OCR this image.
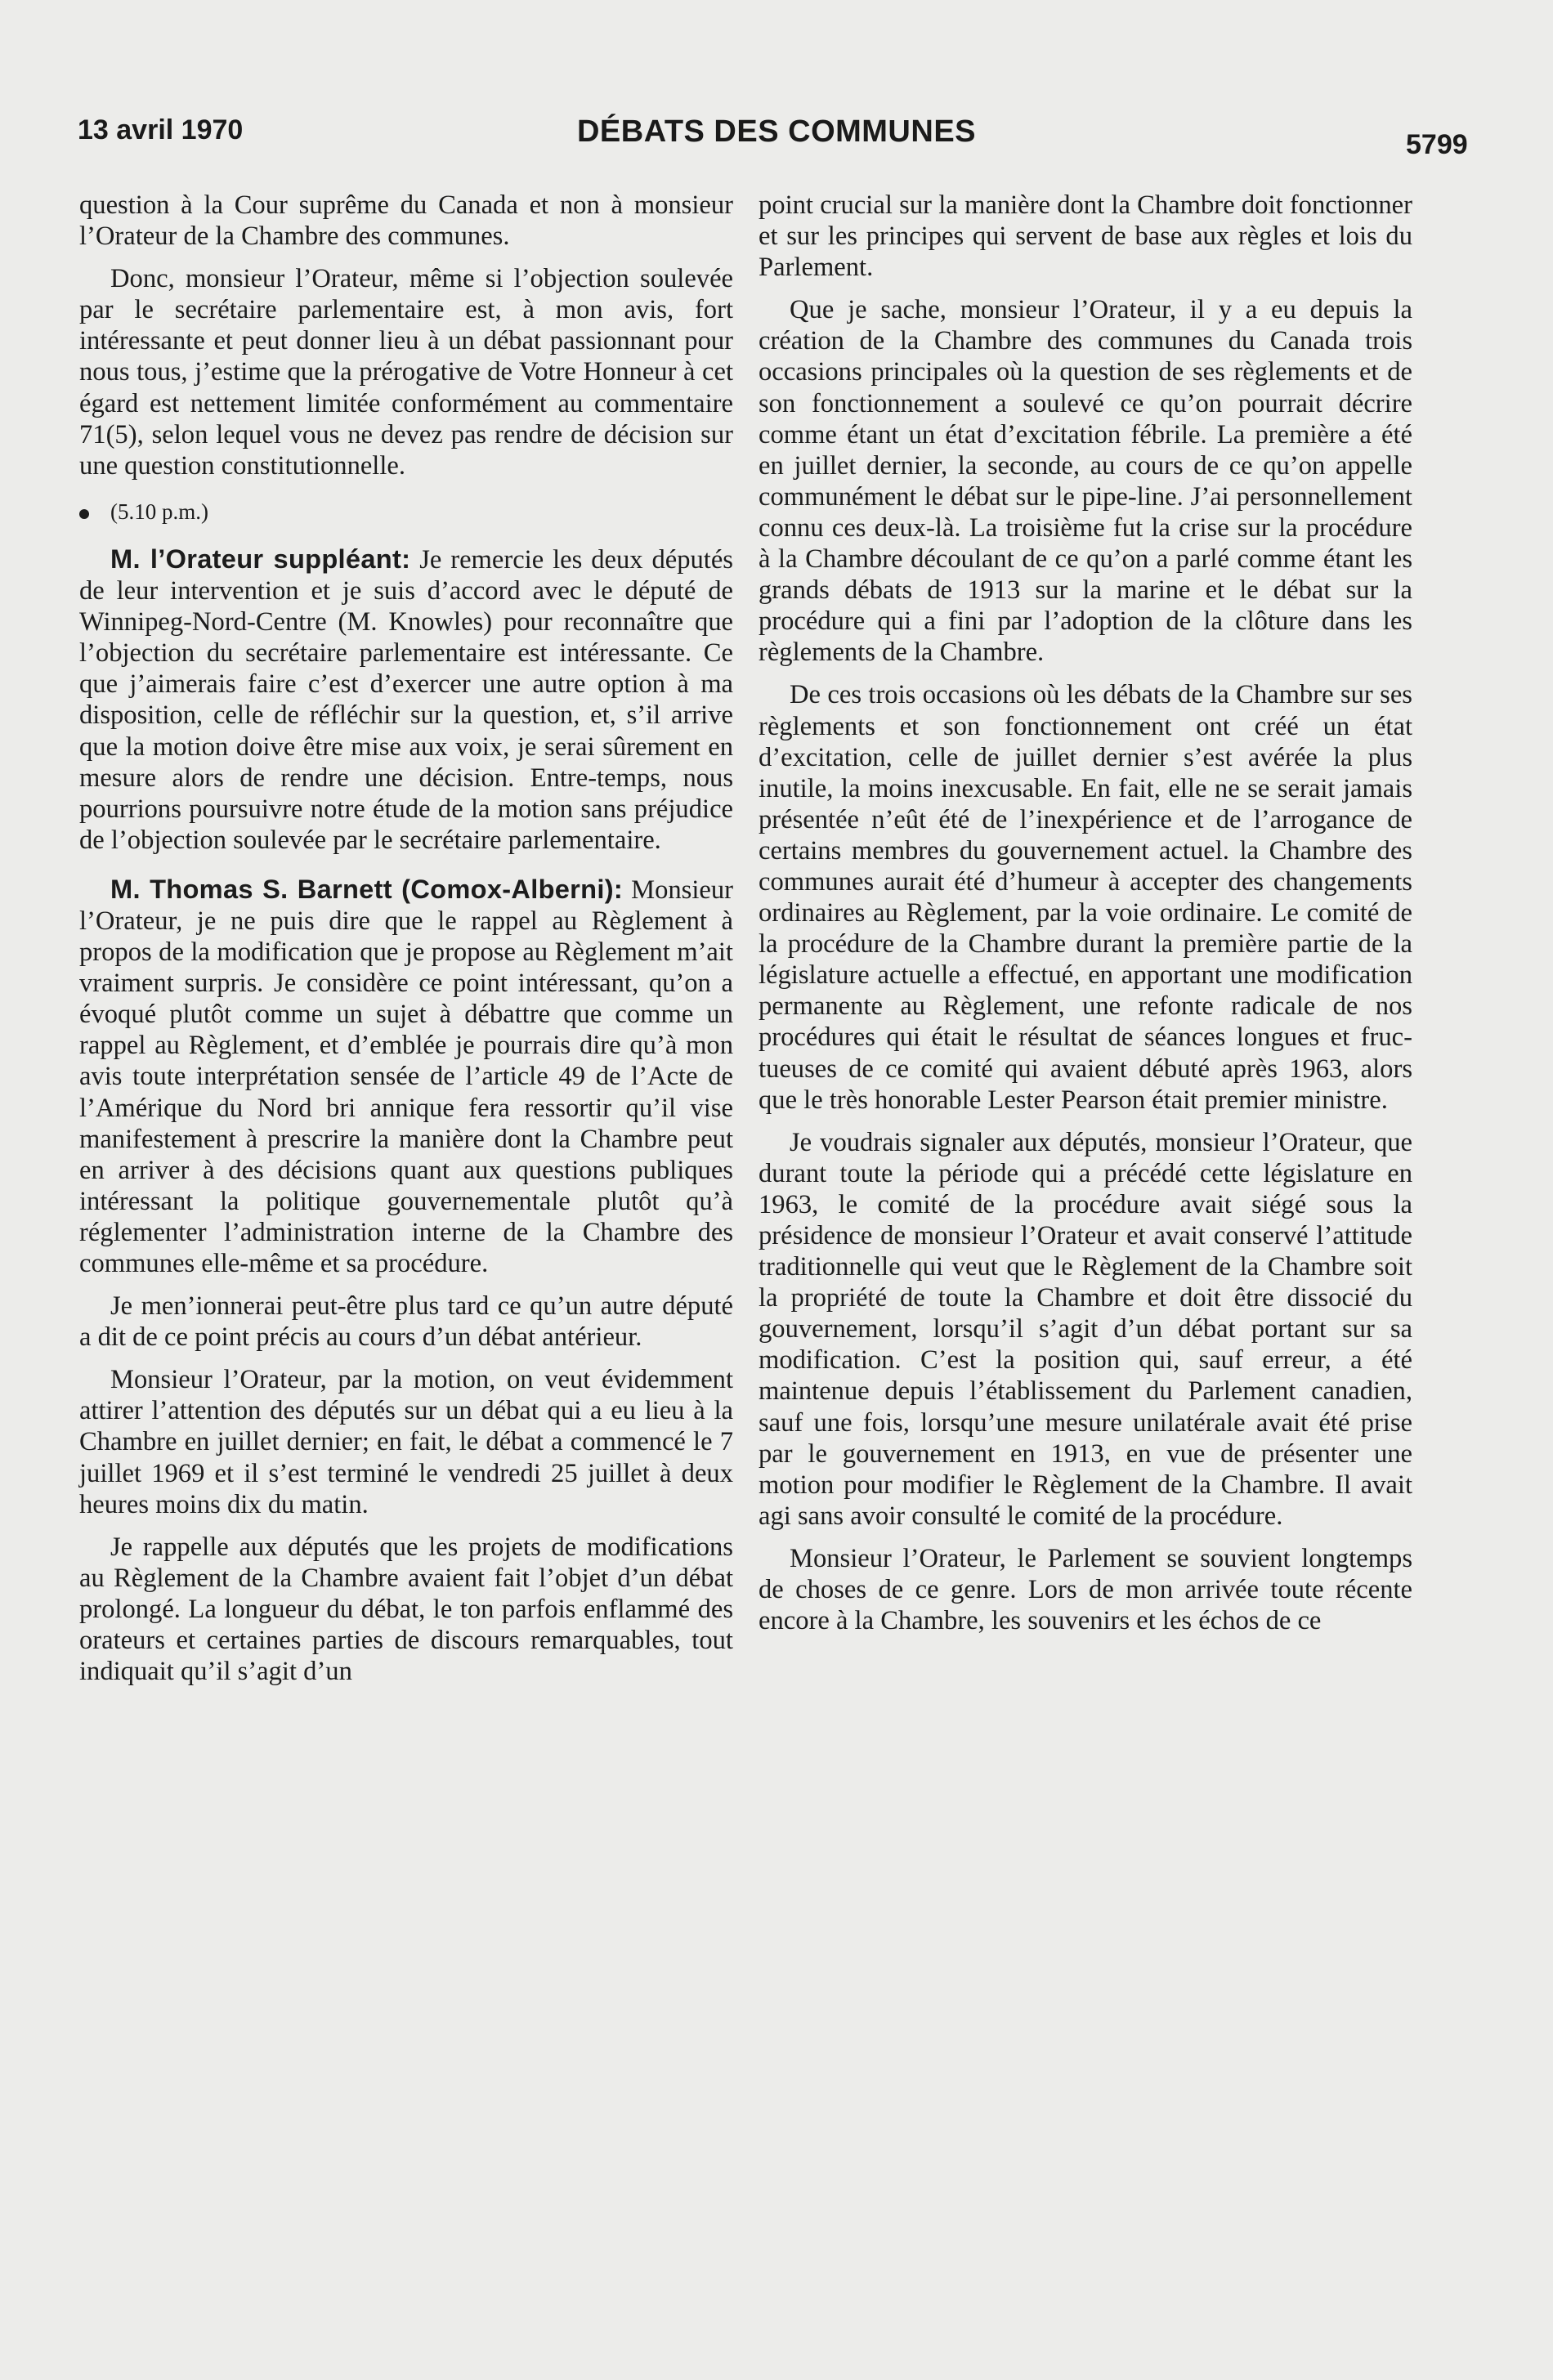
13 avril 1970	DÉBATS DES COMMUNES	5799

question à la Cour suprême du Canada et non à monsieur l’Orateur de la Chambre des communes.

Donc, monsieur l’Orateur, même si l’objection soulevée par le secrétaire parlementaire est, à mon avis, fort intéressante et peut donner lieu à un débat passionnant pour nous tous, j’estime que la prérogative de Votre Honneur à cet égard est nettement limitée conformément au commentaire 71(5), selon lequel vous ne devez pas rendre de décision sur une question constitutionnelle.

(5.10 p.m.)

M. l’Orateur suppléant: Je remercie les deux députés de leur intervention et je suis d’accord avec le député de Winnipeg-Nord-Centre (M. Knowles) pour reconnaître que l’objection du secrétaire parlementaire est intéressante. Ce que j’aimerais faire c’est d’exercer une autre option à ma disposition, celle de réfléchir sur la question, et, s’il arrive que la motion doive être mise aux voix, je serai sûrement en mesure alors de rendre une décision. Entre-temps, nous pourrions poursuivre notre étude de la motion sans préjudice de l’objection soulevée par le secrétaire parlementaire.

M. Thomas S. Barnett (Comox-Alberni): Monsieur l’Orateur, je ne puis dire que le rappel au Règlement à propos de la modification que je propose au Règlement m’ait vraiment surpris. Je considère ce point intéressant, qu’on a évoqué plutôt comme un sujet à débattre que comme un rappel au Règlement, et d’emblée je pourrais dire qu’à mon avis toute interprétation sensée de l’article 49 de l’Acte de l’Amérique du Nord bri annique fera ressortir qu’il vise manifestement à prescrire la manière dont la Chambre peut en arriver à des décisions quant aux questions publiques intéressant la politique gouvernementale plutôt qu’à réglementer l’administration interne de la Chambre des communes elle-même et sa procédure.

Je men’ionnerai peut-être plus tard ce qu’un autre député a dit de ce point précis au cours d’un débat antérieur.

Monsieur l’Orateur, par la motion, on veut évidemment attirer l’attention des députés sur un débat qui a eu lieu à la Chambre en juillet dernier; en fait, le débat a commencé le 7 juillet 1969 et il s’est terminé le vendredi 25 juillet à deux heures moins dix du matin.

Je rappelle aux députés que les projets de modifications au Règlement de la Chambre avaient fait l’objet d’un débat prolongé. La longueur du débat, le ton parfois enflammé des orateurs et certaines parties de discours remarquables, tout indiquait qu’il s’agit d’un

point crucial sur la manière dont la Chambre doit fonctionner et sur les principes qui servent de base aux règles et lois du Parlement.

Que je sache, monsieur l’Orateur, il y a eu depuis la création de la Chambre des communes du Canada trois occasions principales où la question de ses règlements et de son fonctionnement a soulevé ce qu’on pourrait décrire comme étant un état d’excitation fébrile. La première a été en juillet dernier, la seconde, au cours de ce qu’on appelle communément le débat sur le pipe-line. J’ai personnellement connu ces deux-là. La troisième fut la crise sur la procédure à la Chambre découlant de ce qu’on a parlé comme étant les grands débats de 1913 sur la marine et le débat sur la procédure qui a fini par l’adoption de la clôture dans les règlements de la Chambre.

De ces trois occasions où les débats de la Chambre sur ses règlements et son fonctionnement ont créé un état d’excitation, celle de juillet dernier s’est avérée la plus inutile, la moins inexcusable. En fait, elle ne se serait jamais présentée n’eût été de l’inexpérience et de l’arrogance de certains membres du gouvernement actuel. la Chambre des communes aurait été d’humeur à accepter des changements ordinaires au Règlement, par la voie ordinaire. Le comité de la procédure de la Chambre durant la première partie de la législature actuelle a effectué, en apportant une modification permanente au Règlement, une refonte radicale de nos procédures qui était le résultat de séances longues et fructueuses de ce comité qui avaient débuté après 1963, alors que le très honorable Lester Pearson était premier ministre.

Je voudrais signaler aux députés, monsieur l’Orateur, que durant toute la période qui a précédé cette législature en 1963, le comité de la procédure avait siégé sous la présidence de monsieur l’Orateur et avait conservé l’attitude traditionnelle qui veut que le Règlement de la Chambre soit la propriété de toute la Chambre et doit être dissocié du gouvernement, lorsqu’il s’agit d’un débat portant sur sa modification. C’est la position qui, sauf erreur, a été maintenue depuis l’établissement du Parlement canadien, sauf une fois, lorsqu’une mesure unilatérale avait été prise par le gouvernement en 1913, en vue de présenter une motion pour modifier le Règlement de la Chambre. Il avait agi sans avoir consulté le comité de la procédure.

Monsieur l’Orateur, le Parlement se souvient longtemps de choses de ce genre. Lors de mon arrivée toute récente encore à la Chambre, les souvenirs et les échos de ce
